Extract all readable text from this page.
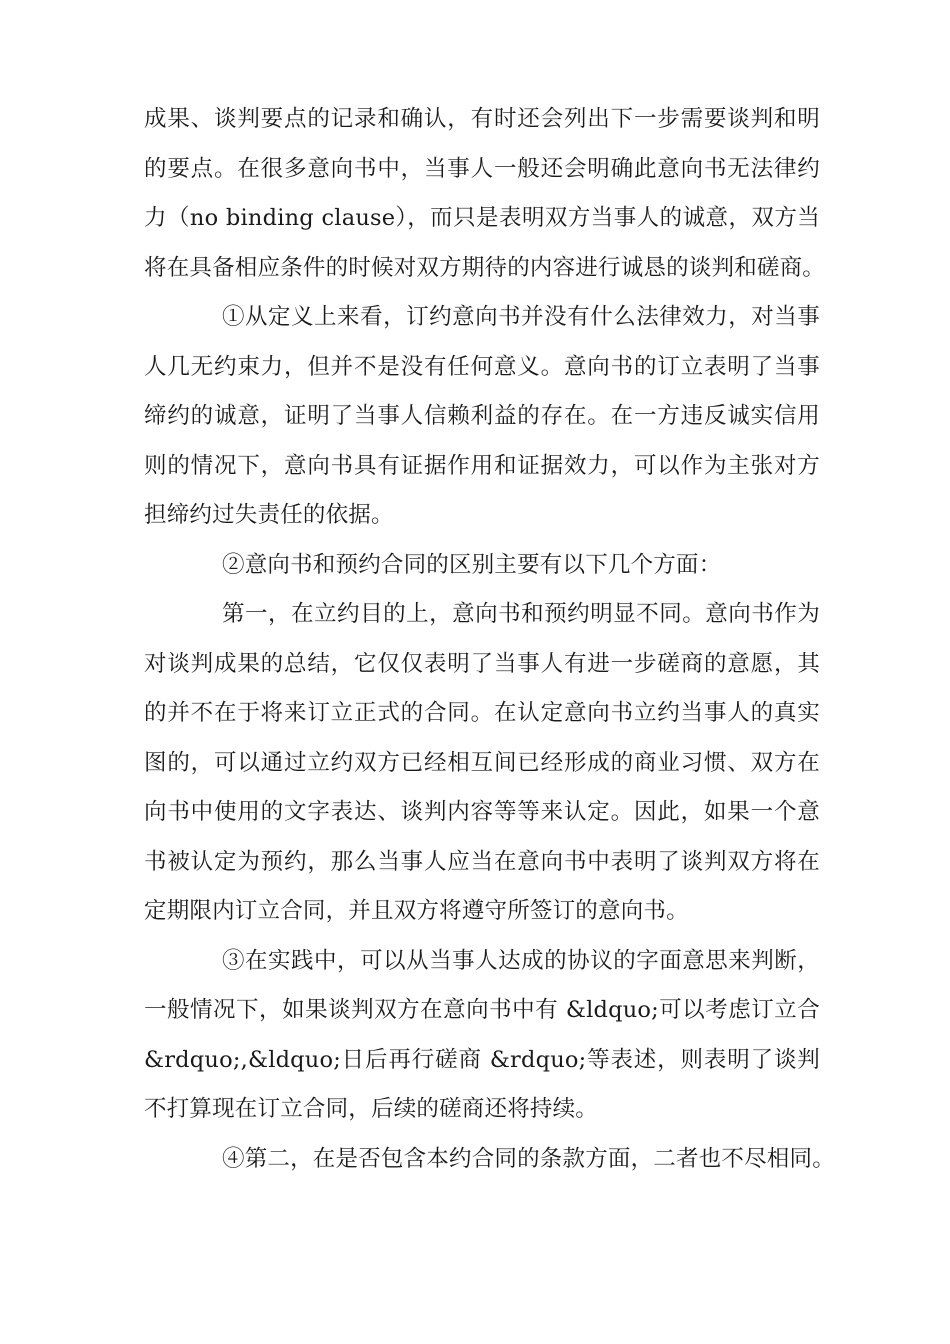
成果、谈判要点的记录和确认，有时还会列出下一步需要谈判和明
的要点。在很多意向书中，当事人一般还会明确此意向书无法律约
力（no binding clause），而只是表明双方当事人的诚意，双方当
将在具备相应条件的时候对双方期待的内容进行诚恳的谈判和磋商。
①从定义上来看，订约意向书并没有什么法律效力，对当事
人几无约束力，但并不是没有任何意义。意向书的订立表明了当事
缔约的诚意，证明了当事人信赖利益的存在。在一方违反诚实信用
则的情况下，意向书具有证据作用和证据效力，可以作为主张对方
担缔约过失责任的依据。
②意向书和预约合同的区别主要有以下几个方面：
第一，在立约目的上，意向书和预约明显不同。意向书作为
对谈判成果的总结，它仅仅表明了当事人有进一步磋商的意愿，其
的并不在于将来订立正式的合同。在认定意向书立约当事人的真实
图的，可以通过立约双方已经相互间已经形成的商业习惯、双方在
向书中使用的文字表达、谈判内容等等来认定。因此，如果一个意
书被认定为预约，那么当事人应当在意向书中表明了谈判双方将在
定期限内订立合同，并且双方将遵守所签订的意向书。
③在实践中，可以从当事人达成的协议的字面意思来判断，
一般情况下，如果谈判双方在意向书中有 &ldquo;可以考虑订立合
&rdquo;,&ldquo;日后再行磋商 &rdquo;等表述，则表明了谈判
不打算现在订立合同，后续的磋商还将持续。
④第二，在是否包含本约合同的条款方面，二者也不尽相同。
